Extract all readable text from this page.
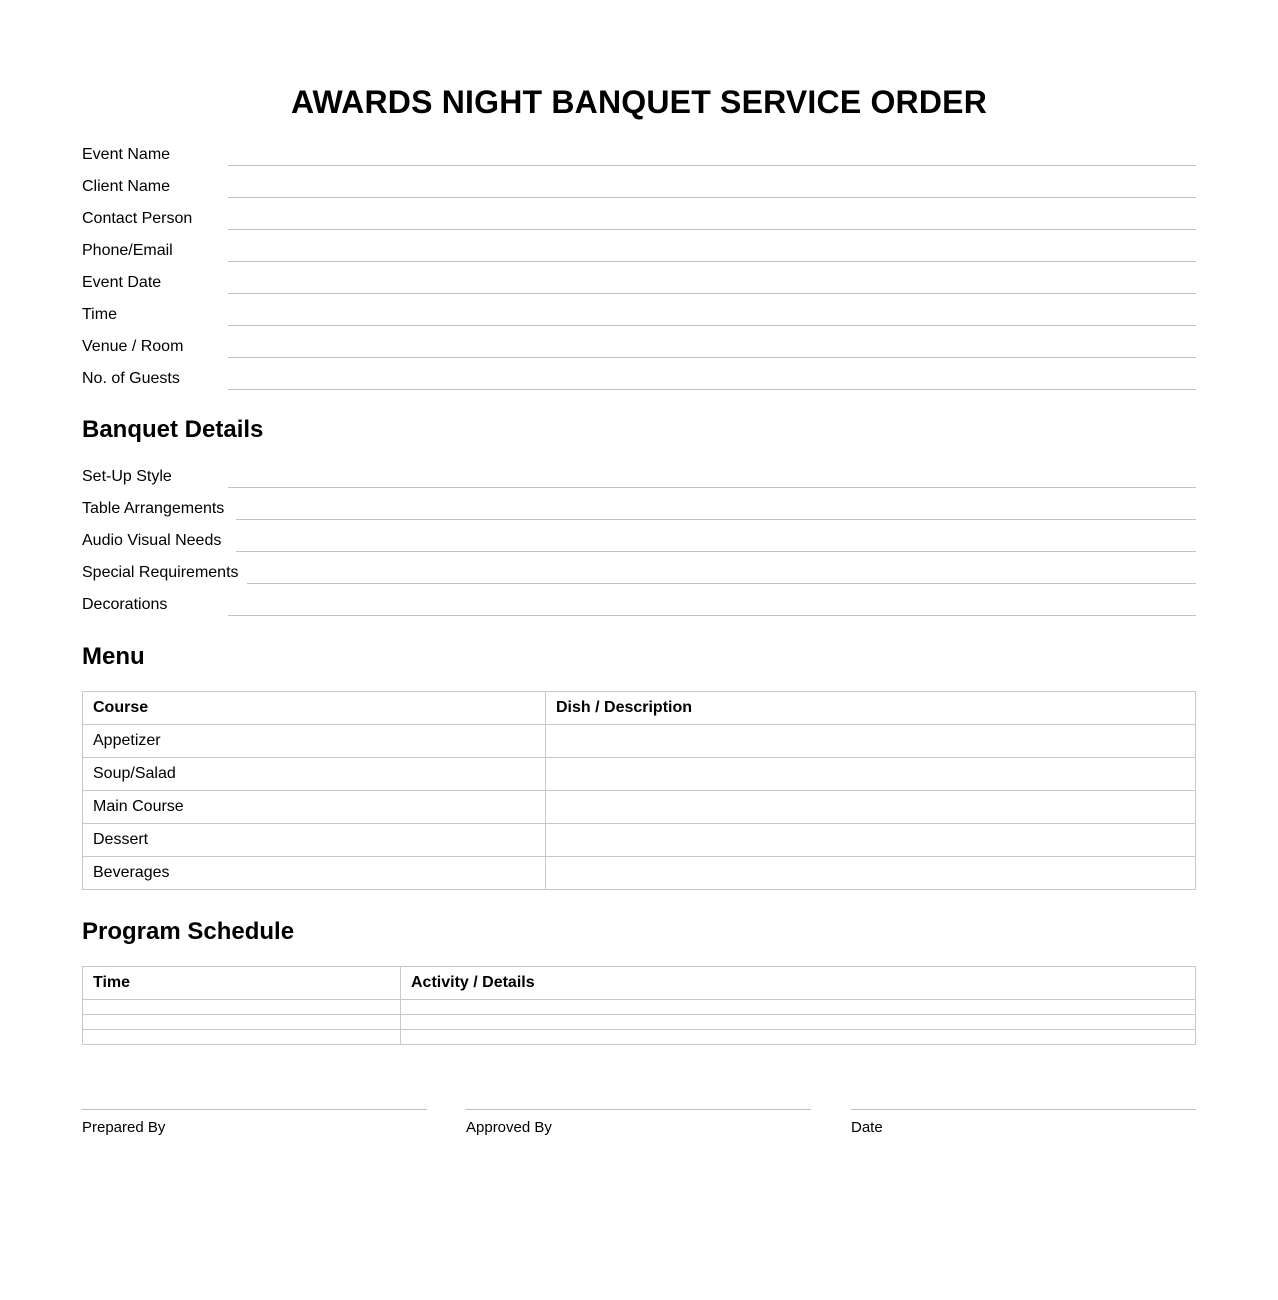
AWARDS NIGHT BANQUET SERVICE ORDER
Event Name
Client Name
Contact Person
Phone/Email
Event Date
Time
Venue / Room
No. of Guests
Banquet Details
Set-Up Style
Table Arrangements
Audio Visual Needs
Special Requirements
Decorations
Menu
Course	Dish / Description
Appetizer	
Soup/Salad	
Main Course	
Dessert	
Beverages	
Program Schedule
Time	Activity / Details

Prepared By	Approved By	Date
